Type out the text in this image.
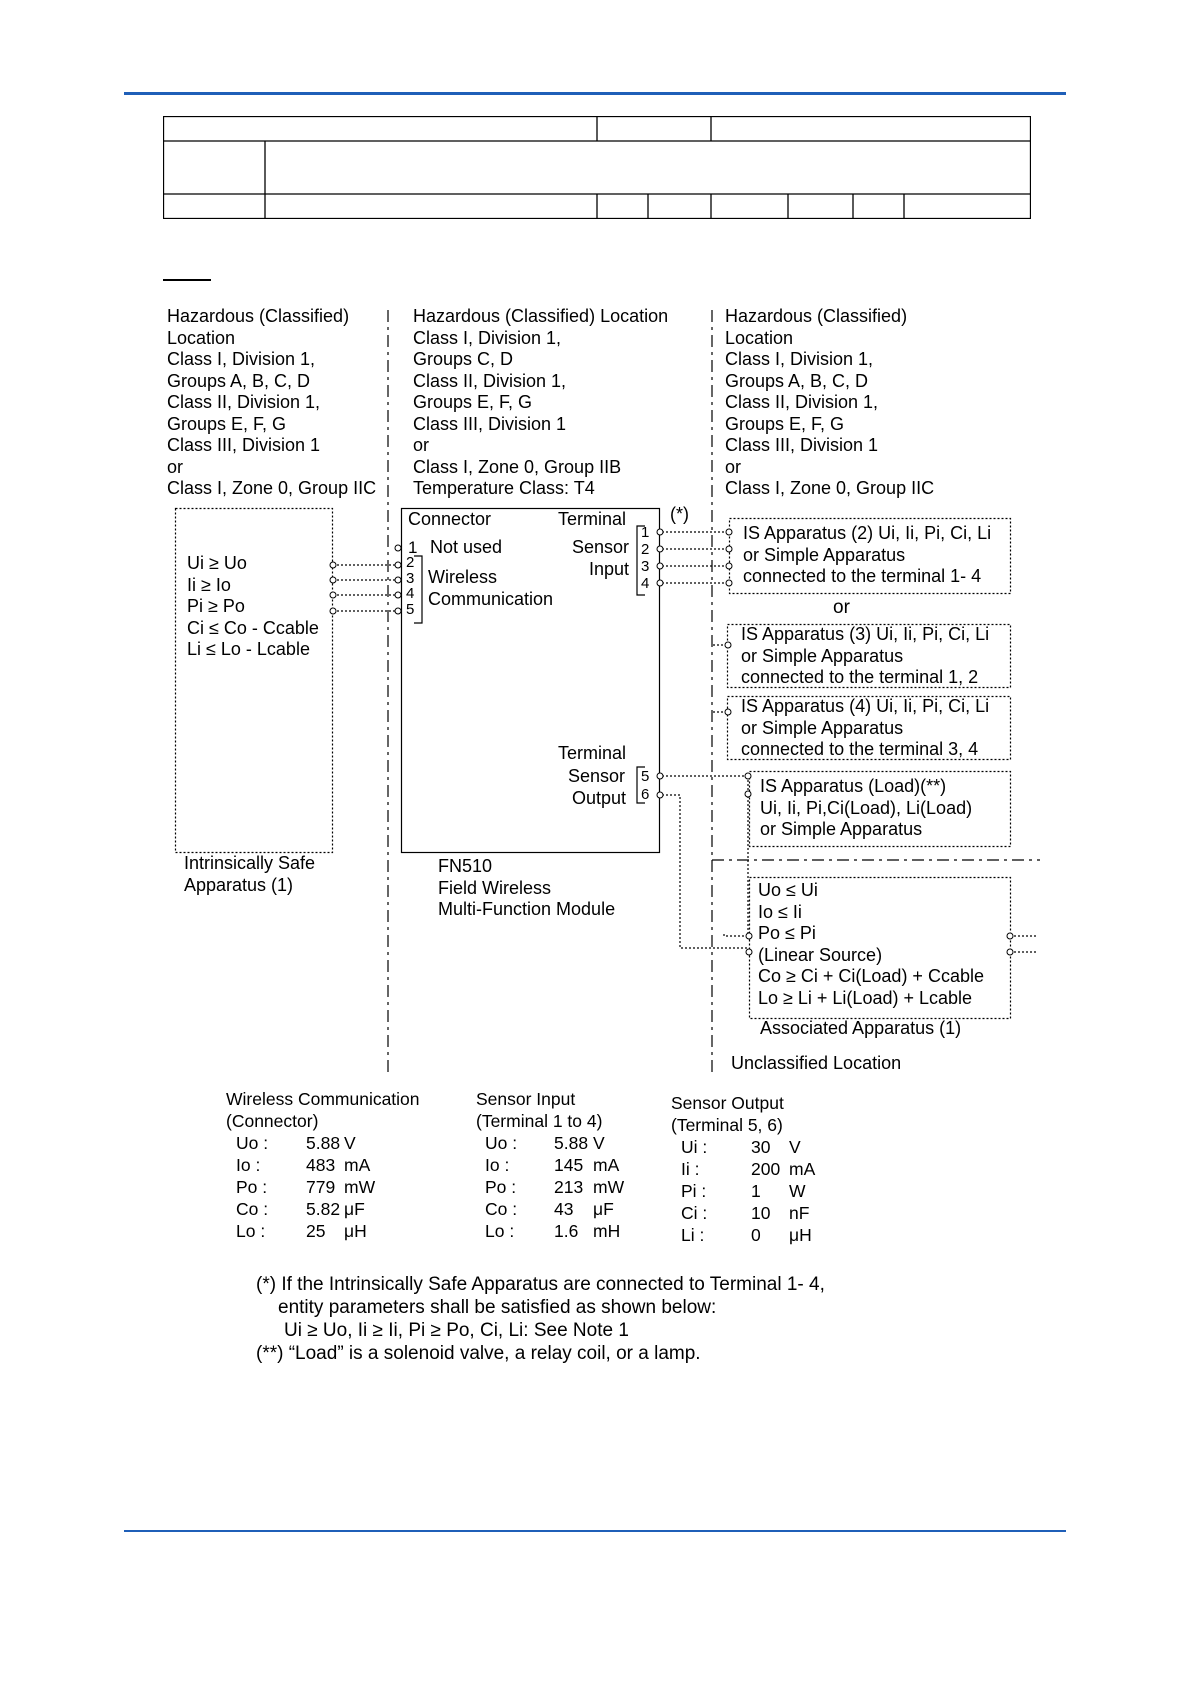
Hazardous (Classified)
Location
Class I, Division 1,
Groups A, B, C, D
Class II, Division 1,
Groups E, F, G
Class III, Division 1
or
Class I, Zone 0, Group IIC
Hazardous (Classified) Location
Class I, Division 1,
Groups C, D
Class II, Division 1,
Groups E, F, G
Class III, Division 1
or
Class I, Zone 0, Group IIB
Temperature Class: T4
Hazardous (Classified)
Location
Class I, Division 1,
Groups A, B, C, D
Class II, Division 1,
Groups E, F, G
Class III, Division 1
or
Class I, Zone 0, Group IIC
Ui ≥ Uo
Ii ≥ Io
Pi ≥ Po
Ci ≤ Co - Ccable
Li ≤ Lo - Lcable
Intrinsically Safe
Apparatus (1)
Connector	Terminal (*)
1 Not used
2
3
4
5
Wireless
Communication
Sensor
Input
1
2
3
4
Terminal
Sensor
Output
5
6
FN510
Field Wireless
Multi-Function Module
IS Apparatus (2) Ui, Ii, Pi, Ci, Li
or Simple Apparatus
connected to the terminal 1- 4
or
IS Apparatus (3) Ui, Ii, Pi, Ci, Li
or Simple Apparatus
connected to the terminal 1, 2
IS Apparatus (4) Ui, Ii, Pi, Ci, Li
or Simple Apparatus
connected to the terminal 3, 4
IS Apparatus (Load)(**)
Ui, Ii, Pi,Ci(Load), Li(Load)
or Simple Apparatus
Uo ≤ Ui
Io ≤ Ii
Po ≤ Pi
(Linear Source)
Co ≥ Ci + Ci(Load) + Ccable
Lo ≥ Li + Li(Load) + Lcable
Associated Apparatus (1)
Unclassified Location
Wireless Communication
(Connector)
Uo : 5.88 V
Io :	483 mA
Po : 779 mW
Co : 5.82 μF
Lo : 25 μH
Sensor Input
(Terminal 1 to 4)
Uo : 5.88 V
Io :	145 mA
Po : 213 mW
Co : 43 μF
Lo : 1.6 mH
Sensor Output
(Terminal 5, 6)
Ui :	30 V
Ii :	200 mA
Pi :	1 W
Ci :	10 nF
Li :	0 μH
(*) If the Intrinsically Safe Apparatus are connected to Terminal 1- 4,
entity parameters shall be satisfied as shown below:
Ui ≥ Uo, Ii ≥ Ii, Pi ≥ Po, Ci, Li: See Note 1
(**) “Load” is a solenoid valve, a relay coil, or a lamp.
